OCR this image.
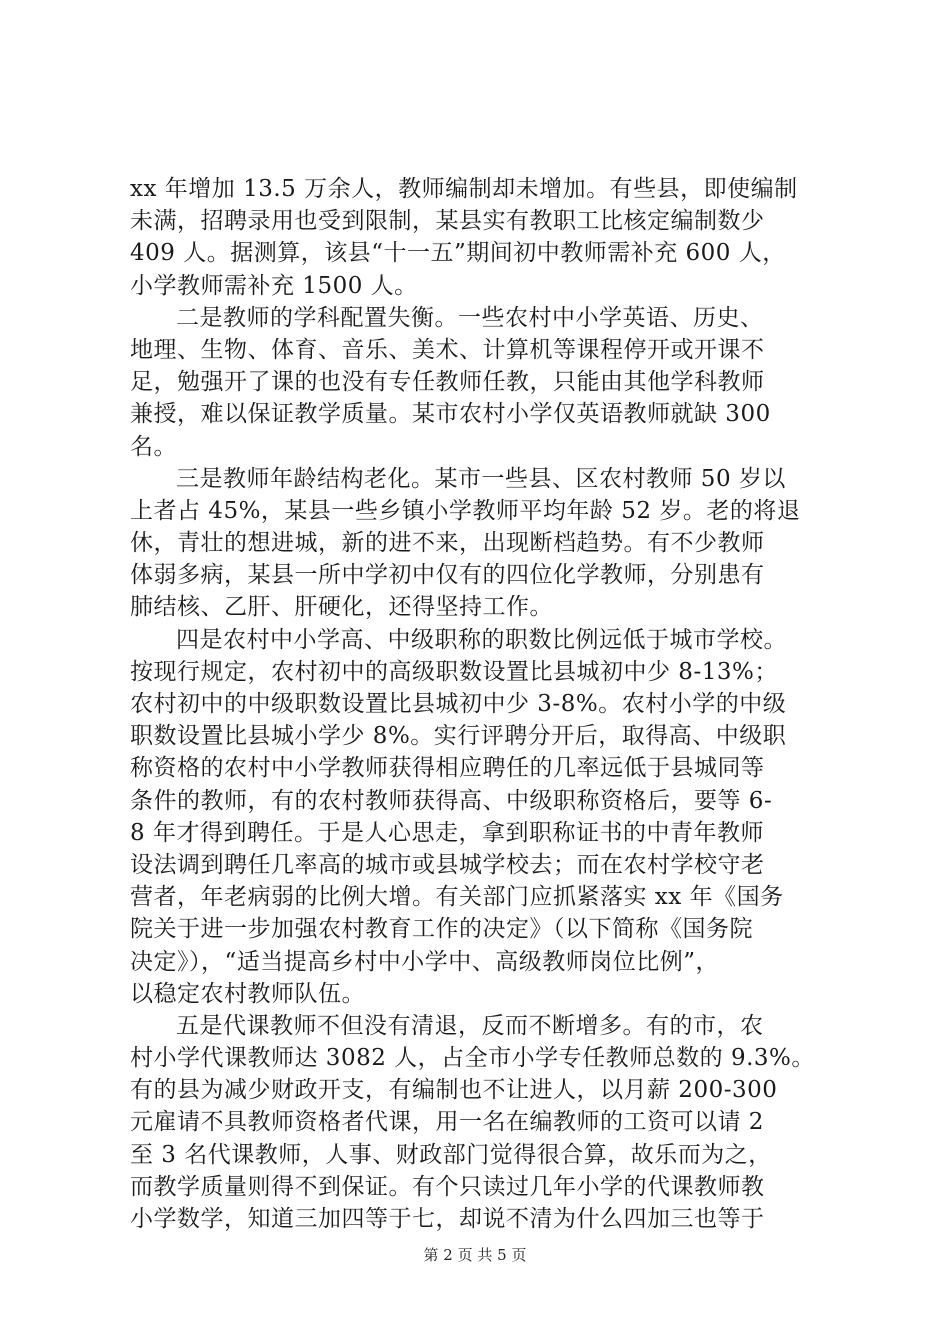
xx 年增加 13.5 万余人，教师编制却未增加。有些县，即使编制
未满，招聘录用也受到限制，某县实有教职工比核定编制数少
409 人。据测算，该县“十一五”期间初中教师需补充 600 人，
小学教师需补充 1500 人。
二是教师的学科配置失衡。一些农村中小学英语、历史、
地理、生物、体育、音乐、美术、计算机等课程停开或开课不
足，勉强开了课的也没有专任教师任教，只能由其他学科教师
兼授，难以保证教学质量。某市农村小学仅英语教师就缺 300
名。
三是教师年龄结构老化。某市一些县、区农村教师 50 岁以
上者占 45%，某县一些乡镇小学教师平均年龄 52 岁。老的将退
休，青壮的想进城，新的进不来，出现断档趋势。有不少教师
体弱多病，某县一所中学初中仅有的四位化学教师，分别患有
肺结核、乙肝、肝硬化，还得坚持工作。
四是农村中小学高、中级职称的职数比例远低于城市学校。
按现行规定，农村初中的高级职数设置比县城初中少 8-13%；
农村初中的中级职数设置比县城初中少 3-8%。农村小学的中级
职数设置比县城小学少 8%。实行评聘分开后，取得高、中级职
称资格的农村中小学教师获得相应聘任的几率远低于县城同等
条件的教师，有的农村教师获得高、中级职称资格后，要等 6-
8 年才得到聘任。于是人心思走，拿到职称证书的中青年教师
设法调到聘任几率高的城市或县城学校去；而在农村学校守老
营者，年老病弱的比例大增。有关部门应抓紧落实 xx 年《国务
院关于进一步加强农村教育工作的决定》（以下简称《国务院
决定》），“适当提高乡村中小学中、高级教师岗位比例”，
以稳定农村教师队伍。
五是代课教师不但没有清退，反而不断增多。有的市，农
村小学代课教师达 3082 人，占全市小学专任教师总数的 9.3%。
有的县为减少财政开支，有编制也不让进人，以月薪 200-300
元雇请不具教师资格者代课，用一名在编教师的工资可以请 2
至 3 名代课教师，人事、财政部门觉得很合算，故乐而为之，
而教学质量则得不到保证。有个只读过几年小学的代课教师教
小学数学，知道三加四等于七，却说不清为什么四加三也等于
第 2 页 共 5 页
